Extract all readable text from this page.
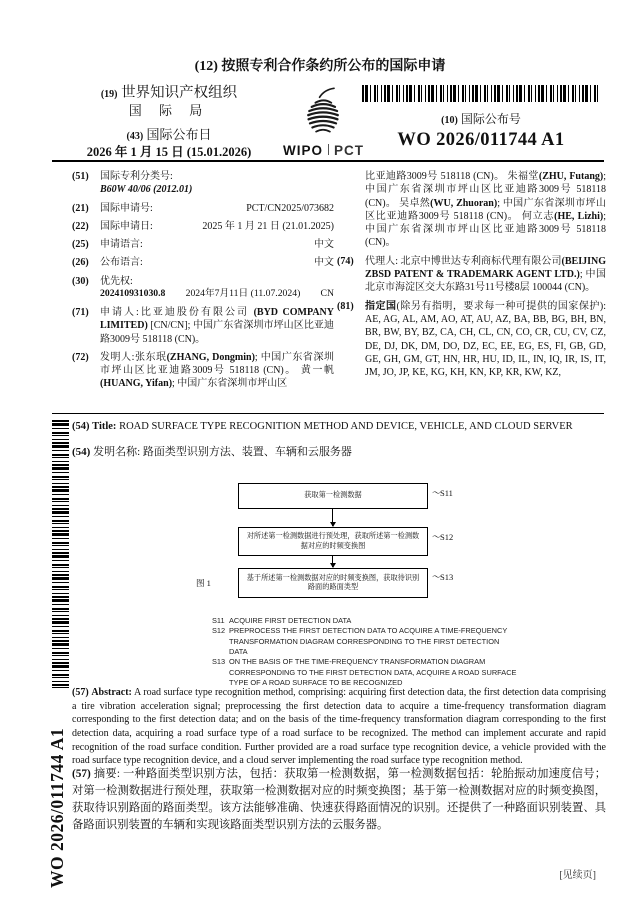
(12) 按照专利合作条约所公布的国际申请
(19) 世界知识产权组织
国 际 局
(43) 国际公布日
2026 年 1 月 15 日 (15.01.2026)	WIPO PCT
(10) 国际公布号
WO 2026/011744 A1
(51)	国际专利分类号:
B60W 40/06 (2012.01)
(21)	国际申请号:	PCT/CN2025/073682
(22)	国际申请日:	2025 年 1 月 21 日 (21.01.2025)
(25)	申请语言:	中文
(26)	公布语言:	中文
(30)	优先权:
202410931030.8 2024年7月11日 (11.07.2024) CN
(71)	申请人:比亚迪股份有限公司 (BYD COMPANY LIMITED) [CN/CN]; 中国广东省深圳市坪山区比亚迪路3009号 518118 (CN)。
(72)	发明人:张东珉(ZHANG, Dongmin); 中国广东省深圳市坪山区比亚迪路3009号 518118 (CN)。 黄一帆(HUANG, Yifan); 中国广东省深圳市坪山区
比亚迪路3009号 518118 (CN)。 朱福堂(ZHU, Futang); 中国广东省深圳市坪山区比亚迪路3009号 518118 (CN)。 吴卓然(WU, Zhuoran); 中国广东省深圳市坪山区比亚迪路3009号 518118 (CN)。 何立志(HE, Lizhi); 中国广东省深圳市坪山区比亚迪路3009号 518118 (CN)。
(74)	代理人: 北京中博世达专利商标代理有限公司(BEIJING ZBSD PATENT & TRADEMARK AGENT LTD.); 中国北京市海淀区交大东路31号11号楼8层 100044 (CN)。
(81)	指定国(除另有指明，要求每一种可提供的国家保护): AE, AG, AL, AM, AO, AT, AU, AZ, BA, BB, BG, BH, BN, BR, BW, BY, BZ, CA, CH, CL, CN, CO, CR, CU, CV, CZ, DE, DJ, DK, DM, DO, DZ, EC, EE, EG, ES, FI, GB, GD, GE, GH, GM, GT, HN, HR, HU, ID, IL, IN, IQ, IR, IS, IT, JM, JO, JP, KE, KG, KH, KN, KP, KR, KW, KZ,
(54) Title: ROAD SURFACE TYPE RECOGNITION METHOD AND DEVICE, VEHICLE, AND CLOUD SERVER
(54) 发明名称: 路面类型识别方法、装置、车辆和云服务器
获取第一检测数据
对所述第一检测数据进行预处理，获取所述第一检测数据对应的时频变换图
基于所述第一检测数据对应的时频变换图，获取待识别路面的路面类型
〜S11
〜S12
〜S13
图 1
S11 ACQUIRE FIRST DETECTION DATA
S12 PREPROCESS THE FIRST DETECTION DATA TO ACQUIRE A TIME-FREQUENCY TRANSFORMATION DIAGRAM CORRESPONDING TO THE FIRST DETECTION DATA
S13 ON THE BASIS OF THE TIME-FREQUENCY TRANSFORMATION DIAGRAM CORRESPONDING TO THE FIRST DETECTION DATA, ACQUIRE A ROAD SURFACE TYPE OF A ROAD SURFACE TO BE RECOGNIZED
(57) Abstract: A road surface type recognition method, comprising: acquiring first detection data, the first detection data comprising a tire vibration acceleration signal; preprocessing the first detection data to acquire a time-frequency transformation diagram corresponding to the first detection data; and on the basis of the time-frequency transformation diagram corresponding to the first detection data, acquiring a road surface type of a road surface to be recognized. The method can implement accurate and rapid recognition of the road surface condition. Further provided are a road surface type recognition device, a vehicle provided with the road surface type recognition device, and a cloud server implementing the road surface type recognition method.
(57) 摘要: 一种路面类型识别方法，包括：获取第一检测数据，第一检测数据包括：轮胎振动加速度信号；对第一检测数据进行预处理，获取第一检测数据对应的时频变换图；基于第一检测数据对应的时频变换图，获取待识别路面的路面类型。该方法能够准确、快速获得路面情况的识别。还提供了一种路面识别装置、具备路面识别装置的车辆和实现该路面类型识别方法的云服务器。
WO 2026/011744 A1	[见续页]
